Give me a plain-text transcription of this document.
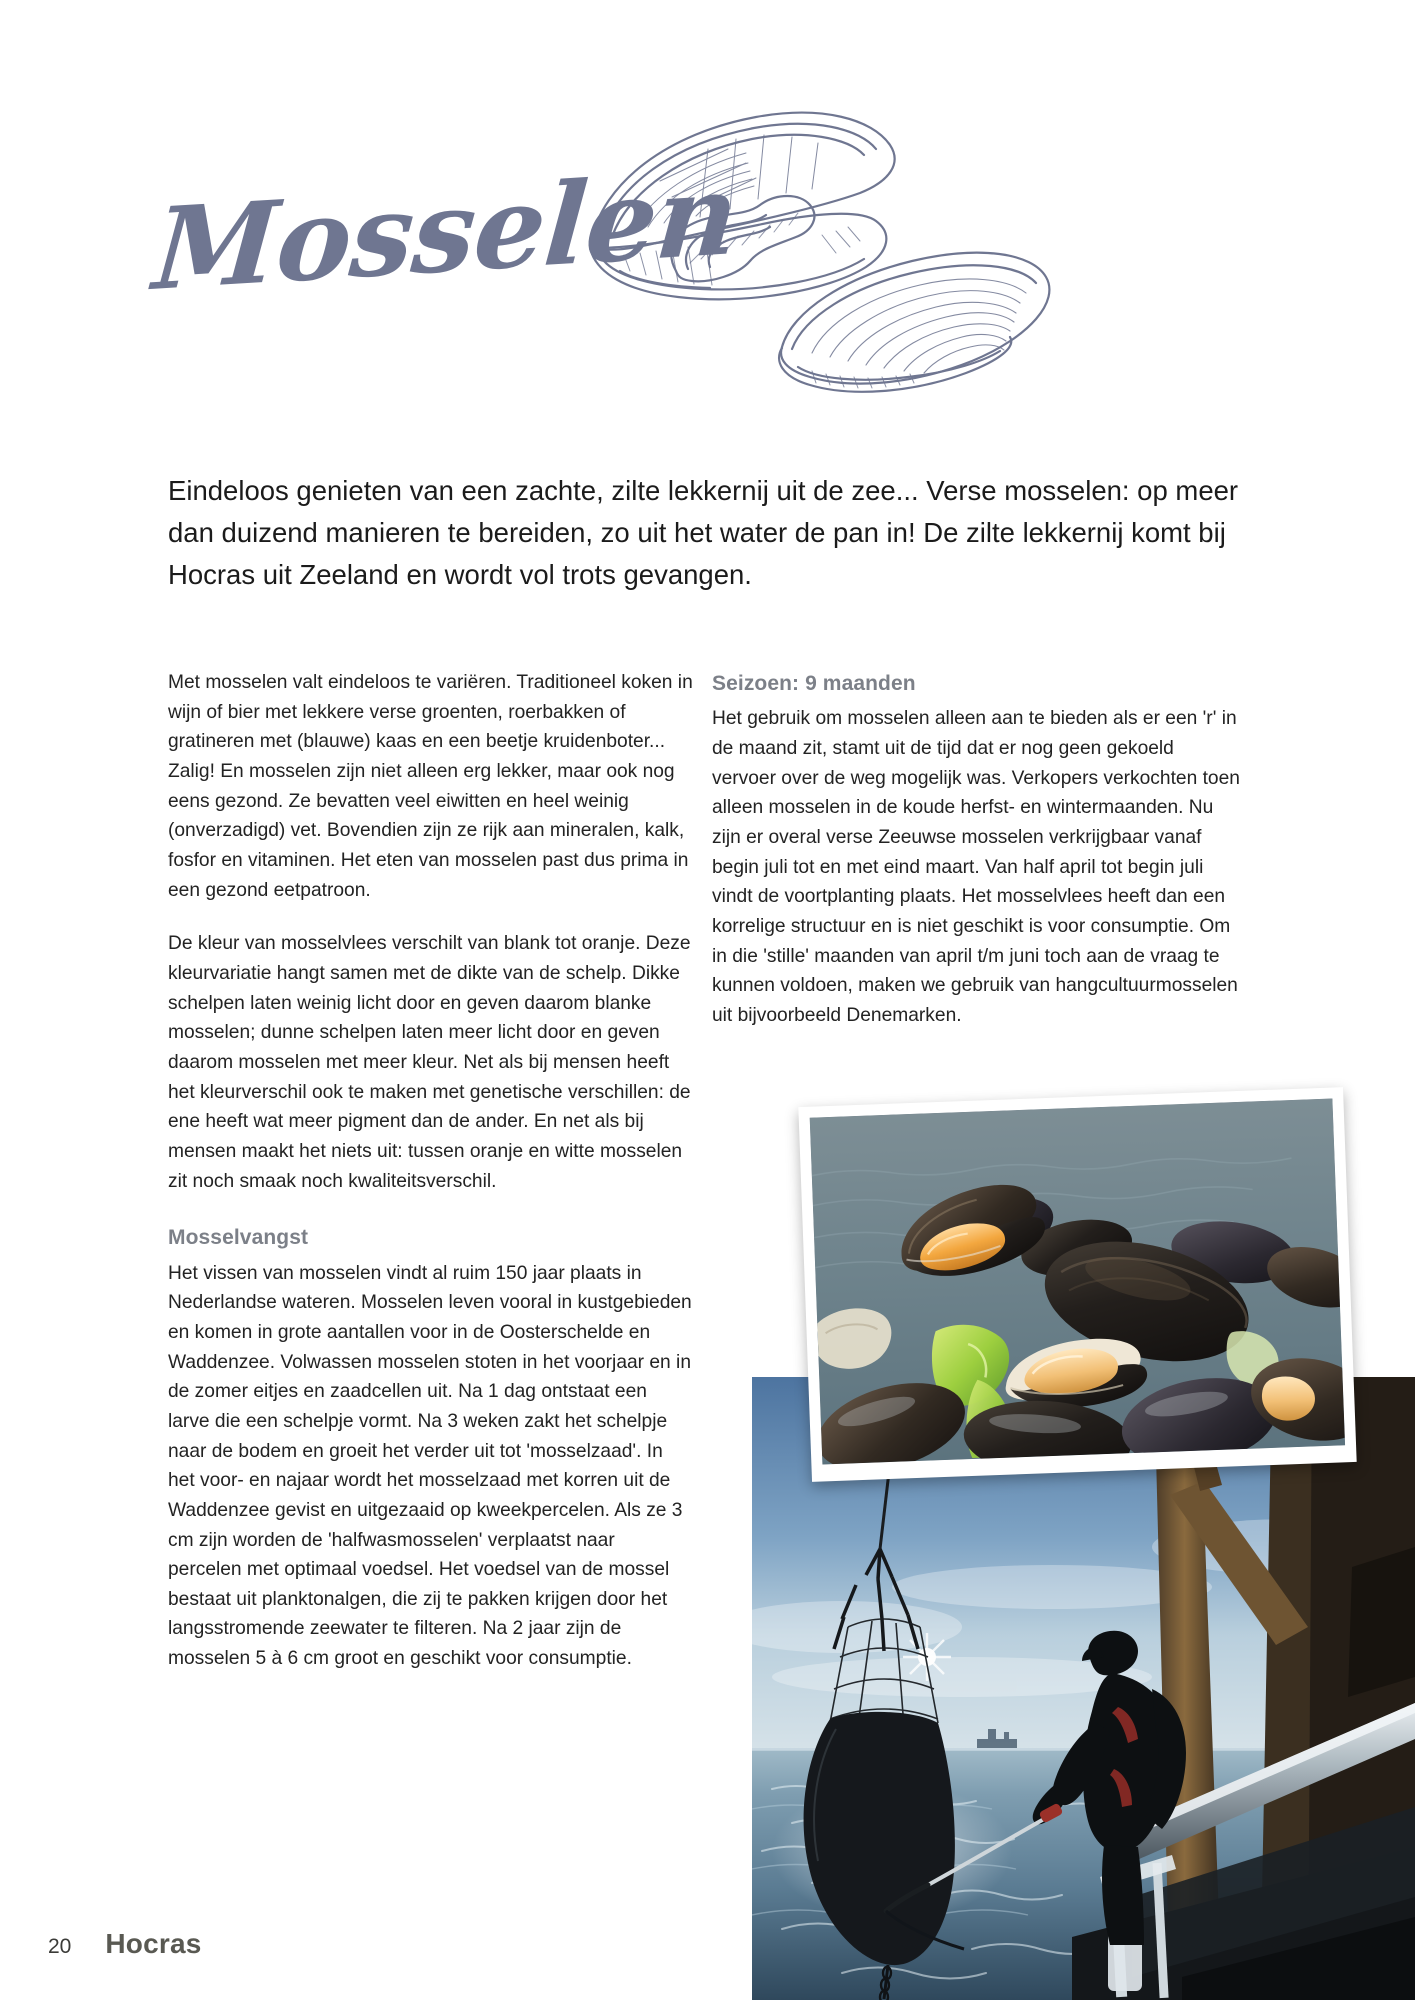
Mosselen
Eindeloos genieten van een zachte, zilte lekkernij uit de zee... Verse mosselen: op meer dan duizend manieren te bereiden, zo uit het water de pan in! De zilte lekkernij komt bij Hocras uit Zeeland en wordt vol trots gevangen.

Met mosselen valt eindeloos te variëren. Traditioneel koken in wijn of bier met lekkere verse groenten, roerbakken of gratineren met (blauwe) kaas en een beetje kruidenboter... Zalig! En mosselen zijn niet alleen erg lekker, maar ook nog eens gezond. Ze bevatten veel eiwitten en heel weinig (onverzadigd) vet. Bovendien zijn ze rijk aan mineralen, kalk, fosfor en vitaminen. Het eten van mosselen past dus prima in een gezond eetpatroon.

De kleur van mosselvlees verschilt van blank tot oranje. Deze kleurvariatie hangt samen met de dikte van de schelp. Dikke schelpen laten weinig licht door en geven daarom blanke mosselen; dunne schelpen laten meer licht door en geven daarom mosselen met meer kleur. Net als bij mensen heeft het kleurverschil ook te maken met genetische verschillen: de ene heeft wat meer pigment dan de ander. En net als bij mensen maakt het niets uit: tussen oranje en witte mosselen zit noch smaak noch kwaliteitsverschil.

Mosselvangst

Het vissen van mosselen vindt al ruim 150 jaar plaats in Nederlandse wateren. Mosselen leven vooral in kustgebieden en komen in grote aantallen voor in de Oosterschelde en Waddenzee. Volwassen mosselen stoten in het voorjaar en in de zomer eitjes en zaadcellen uit. Na 1 dag ontstaat een larve die een schelpje vormt. Na 3 weken zakt het schelpje naar de bodem en groeit het verder uit tot 'mosselzaad'. In het voor- en najaar wordt het mosselzaad met korren uit de Waddenzee gevist en uitgezaaid op kweekpercelen. Als ze 3 cm zijn worden de 'halfwasmosselen' verplaatst naar percelen met optimaal voedsel. Het voedsel van de mossel bestaat uit planktonalgen, die zij te pakken krijgen door het langsstromende zeewater te filteren. Na 2 jaar zijn de mosselen 5 à 6 cm groot en geschikt voor consumptie.

Seizoen: 9 maanden

Het gebruik om mosselen alleen aan te bieden als er een 'r' in de maand zit, stamt uit de tijd dat er nog geen gekoeld vervoer over de weg mogelijk was. Verkopers verkochten toen alleen mosselen in de koude herfst- en wintermaanden. Nu zijn er overal verse Zeeuwse mosselen verkrijgbaar vanaf begin juli tot en met eind maart. Van half april tot begin juli vindt de voortplanting plaats. Het mosselvlees heeft dan een korrelige structuur en is niet geschikt is voor consumptie. Om in die 'stille' maanden van april t/m juni toch aan de vraag te kunnen voldoen, maken we gebruik van hangcultuurmosselen uit bijvoorbeeld Denemarken.

20 Hocras
